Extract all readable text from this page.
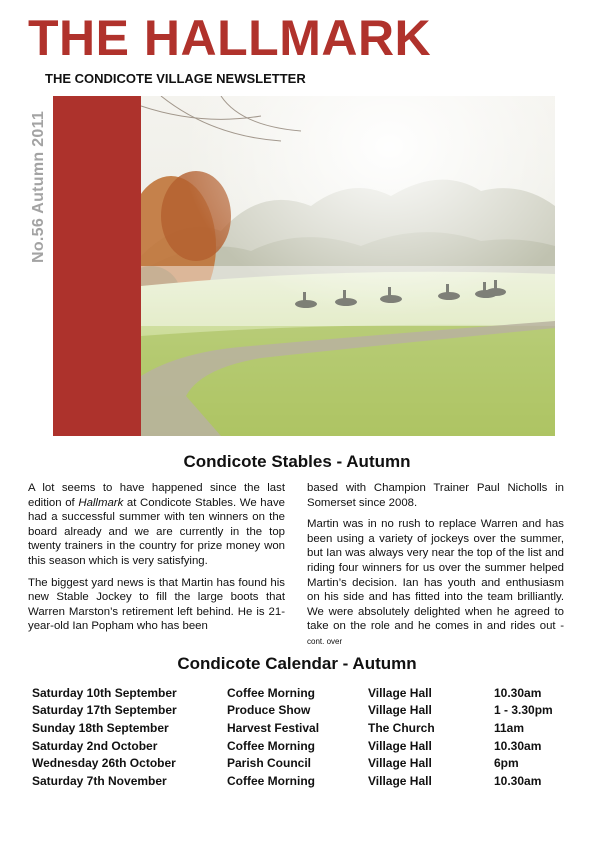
THE HALLMARK
THE CONDICOTE VILLAGE NEWSLETTER
No.56 Autumn 2011
Condicote Stables - Autumn

A lot seems to have happened since the last edition of Hallmark at Condicote Stables. We have had a successful summer with ten winners on the board already and we are currently in the top twenty trainers in the country for prize money won this season which is very satisfying.

The biggest yard news is that Martin has found his new Stable Jockey to fill the large boots that Warren Marston’s retirement left behind. He is 21-year-old Ian Popham who has been

based with Champion Trainer Paul Nicholls in Somerset since 2008.

Martin was in no rush to replace Warren and has been using a variety of jockeys over the summer, but Ian was always very near the top of the list and riding four winners for us over the summer helped Martin’s decision. Ian has youth and enthusiasm on his side and has fitted into the team brilliantly. We were absolutely delighted when he agreed to take on the role and he comes in and rides out - cont. over

Condicote Calendar - Autumn
Saturday 10th September	Coffee Morning	Village Hall	10.30am
Saturday 17th September	Produce Show	Village Hall	1 - 3.30pm
Sunday 18th September	Harvest Festival	The Church	11am
Saturday 2nd October	Coffee Morning	Village Hall	10.30am
Wednesday 26th October	Parish Council	Village Hall	6pm
Saturday 7th November	Coffee Morning	Village Hall	10.30am
